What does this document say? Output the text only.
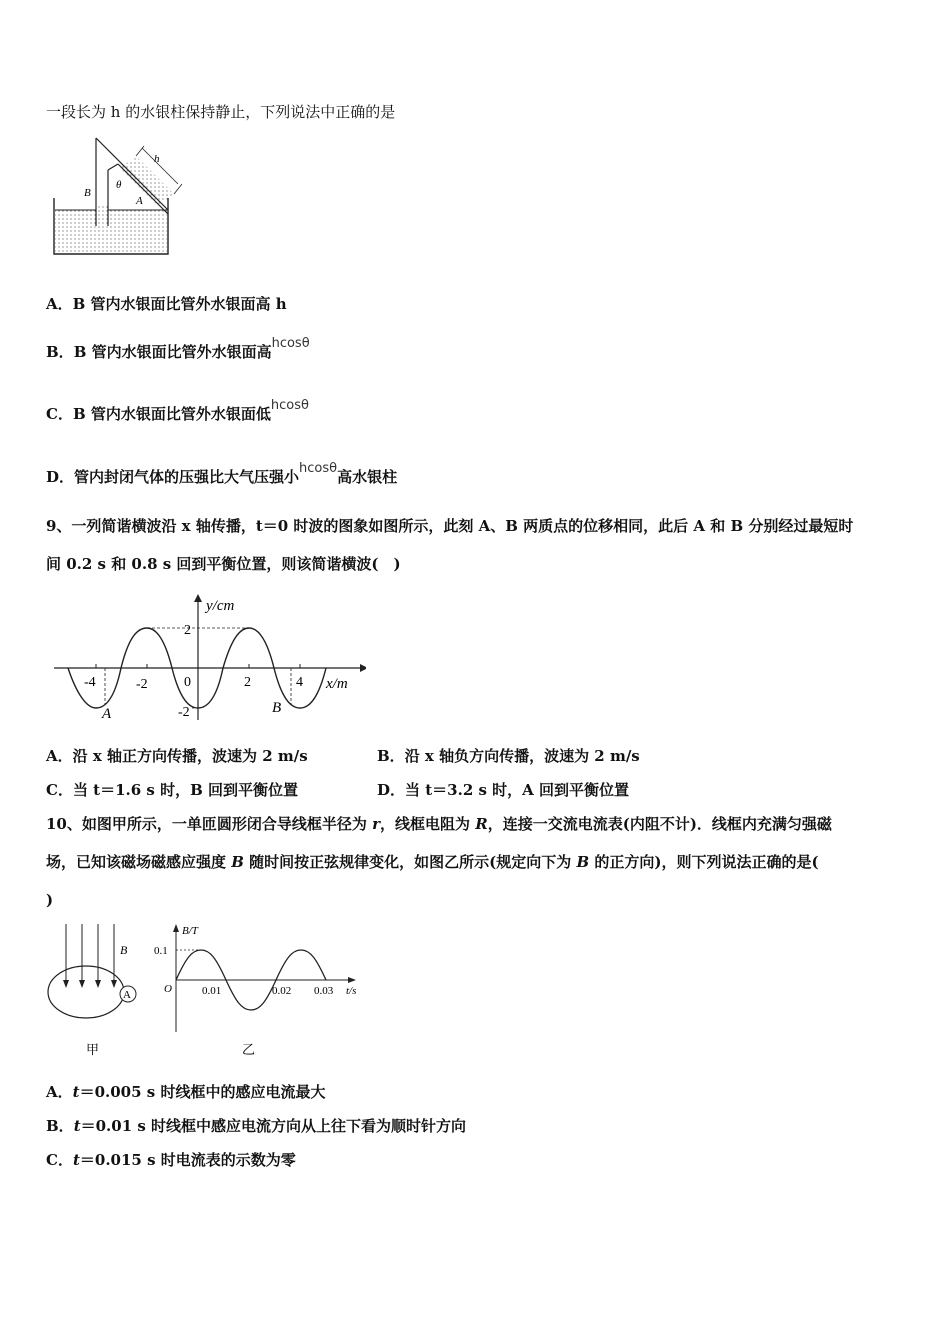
一段长为 h 的水银柱保持静止，下列说法中正确的是
h
θ
B
A
A．B 管内水银面比管外水银面高 h
B．B 管内水银面比管外水银面高hcosθ
C．B 管内水银面比管外水银面低hcosθ
D．管内封闭气体的压强比大气压强小hcosθ高水银柱
9、一列简谐横波沿 x 轴传播，t＝0 时波的图象如图所示，此刻 A、B 两质点的位移相同，此后 A 和 B 分别经过最短时
间 0.2 s 和 0.8 s 回到平衡位置，则该简谐横波(　)
y/cm
x/m
-4	-2	0	2	4
2
-2
A	B
A．沿 x 轴正方向传播，波速为 2 m/s	B．沿 x 轴负方向传播，波速为 2 m/s
C．当 t＝1.6 s 时，B 回到平衡位置	D．当 t＝3.2 s 时，A 回到平衡位置
10、如图甲所示，一单匝圆形闭合导线框半径为 r，线框电阻为 R，连接一交流电流表(内阻不计)．线框内充满匀强磁
场，已知该磁场磁感应强度 B 随时间按正弦规律变化，如图乙所示(规定向下为 B 的正方向)，则下列说法正确的是(
)
A
B
甲
B/T
0.1
O	0.01	0.02 0.03 t/s
乙
A．t＝0.005 s 时线框中的感应电流最大
B．t＝0.01 s 时线框中感应电流方向从上往下看为顺时针方向
C．t＝0.015 s 时电流表的示数为零
